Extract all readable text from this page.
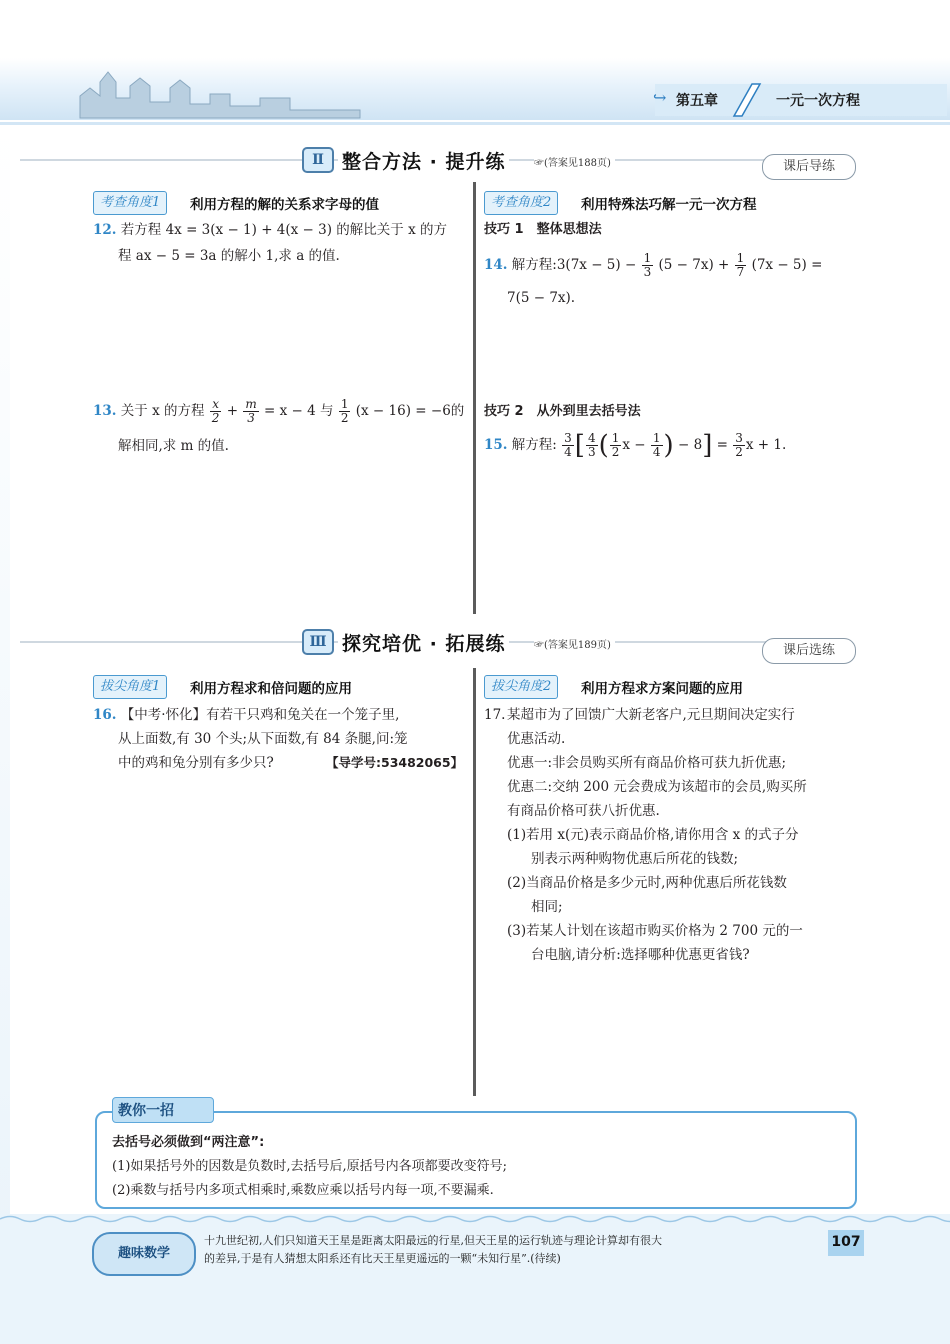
↪ 第五章	一元一次方程
Ⅱ 整合方法 · 提升练	☞(答案见188页)	课后导练
考查角度1	利用方程的解的关系求字母的值
12. 若方程 4x = 3(x − 1) + 4(x − 3) 的解比关于 x 的方
程 ax − 5 = 3a 的解小 1,求 a 的值.
13. 关于 x 的方程 $\frac{x}{2} + \frac{m}{3} = x - 4$ 与 $\frac{1}{2} (x - 16) = -6$的
解相同,求 m 的值.
考查角度2	利用特殊法巧解一元一次方程
技巧 1　整体思想法
14. 解方程:3(7x − $5) - \frac{1}{3} (5 - 7x) + \frac{1}{7} (7x - 5)$ =
7(5 − 7x).
技巧 2　从外到里去括号法
15. 解方程: $\frac{3}{4}$ [ $\frac{4}{3}$ ( $\frac{1}{2}$ $x - \frac{1}{4}$ ) − $8] = \frac{3}{2}$ x + 1.
Ⅲ 探究培优 · 拓展练	☞(答案见189页)	课后选练
拔尖角度1	利用方程求和倍问题的应用
16. 【中考·怀化】有若干只鸡和兔关在一个笼子里,
从上面数,有 30 个头;从下面数,有 84 条腿,问:笼
中的鸡和兔分别有多少只?	【导学号:53482065】
拔尖角度2	利用方程求方案问题的应用
17. 某超市为了回馈广大新老客户,元旦期间决定实行
优惠活动.
优惠一:非会员购买所有商品价格可获九折优惠;
优惠二:交纳 200 元会费成为该超市的会员,购买所
有商品价格可获八折优惠.
(1)若用 x(元)表示商品价格,请你用含 x 的式子分
别表示两种购物优惠后所花的钱数;
(2)当商品价格是多少元时,两种优惠后所花钱数
相同;
(3)若某人计划在该超市购买价格为 2 700 元的一
台电脑,请分析:选择哪种优惠更省钱?
教你一招
去括号必须做到“两注意”:
(1)如果括号外的因数是负数时,去括号后,原括号内各项都要改变符号;
(2)乘数与括号内多项式相乘时,乘数应乘以括号内每一项,不要漏乘.
趣味数学
十九世纪初,人们只知道天王星是距离太阳最远的行星,但天王星的运行轨迹与理论计算却有很大
的差异,于是有人猜想太阳系还有比天王星更遥远的一颗“未知行星”.(待续)
107
